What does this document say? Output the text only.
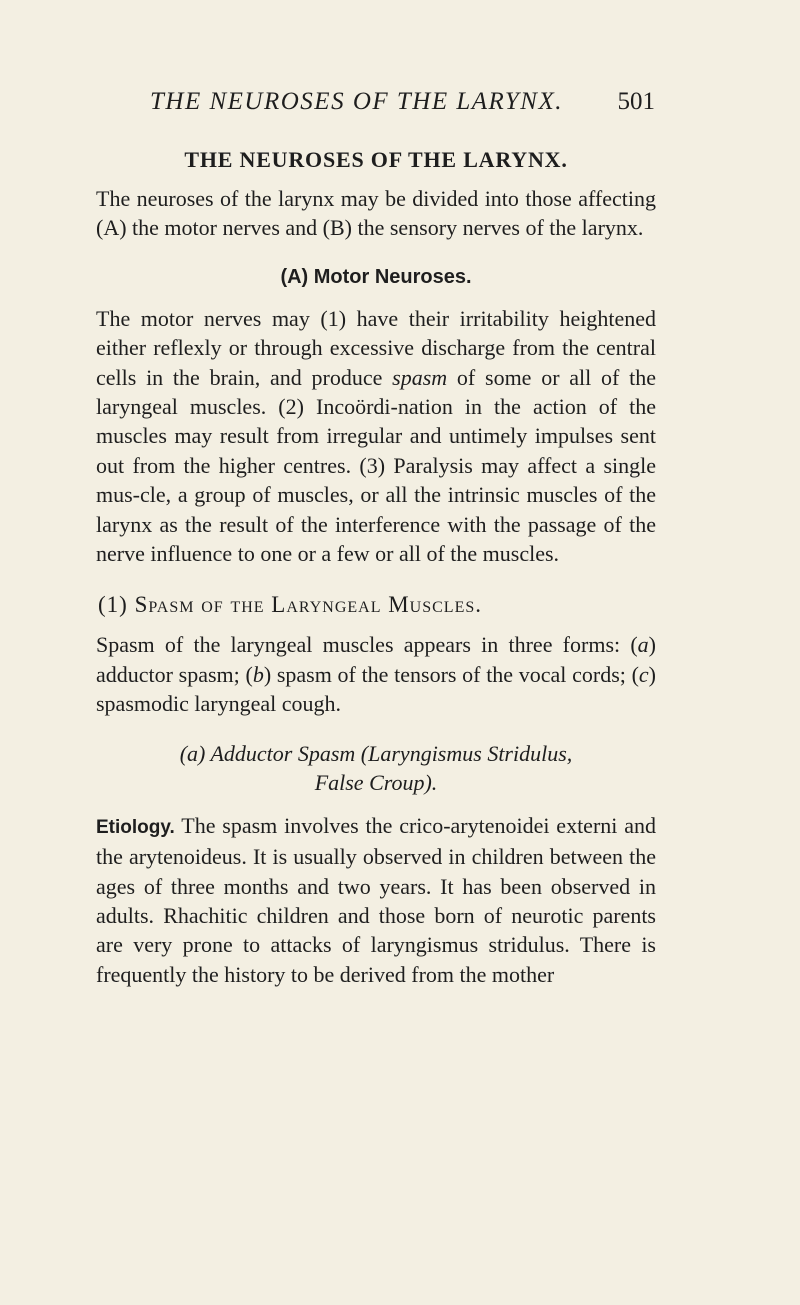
THE NEUROSES OF THE LARYNX. 501
THE NEUROSES OF THE LARYNX.

The neuroses of the larynx may be divided into those affecting (A) the motor nerves and (B) the sensory nerves of the larynx.

(A) Motor Neuroses.

The motor nerves may (1) have their irritability heightened either reflexly or through excessive discharge from the central cells in the brain, and produce spasm of some or all of the laryngeal muscles. (2) Incoördi-nation in the action of the muscles may result from irregular and untimely impulses sent out from the higher centres. (3) Paralysis may affect a single mus-cle, a group of muscles, or all the intrinsic muscles of the larynx as the result of the interference with the passage of the nerve influence to one or a few or all of the muscles.

(1) Spasm of the Laryngeal Muscles.

Spasm of the laryngeal muscles appears in three forms: (a) adductor spasm; (b) spasm of the tensors of the vocal cords; (c) spasmodic laryngeal cough.

(a) Adductor Spasm (Laryngismus Stridulus,
False Croup).

Etiology. The spasm involves the crico-arytenoidei externi and the arytenoideus. It is usually observed in children between the ages of three months and two years. It has been observed in adults. Rhachitic children and those born of neurotic parents are very prone to attacks of laryngismus stridulus. There is frequently the history to be derived from the mother
